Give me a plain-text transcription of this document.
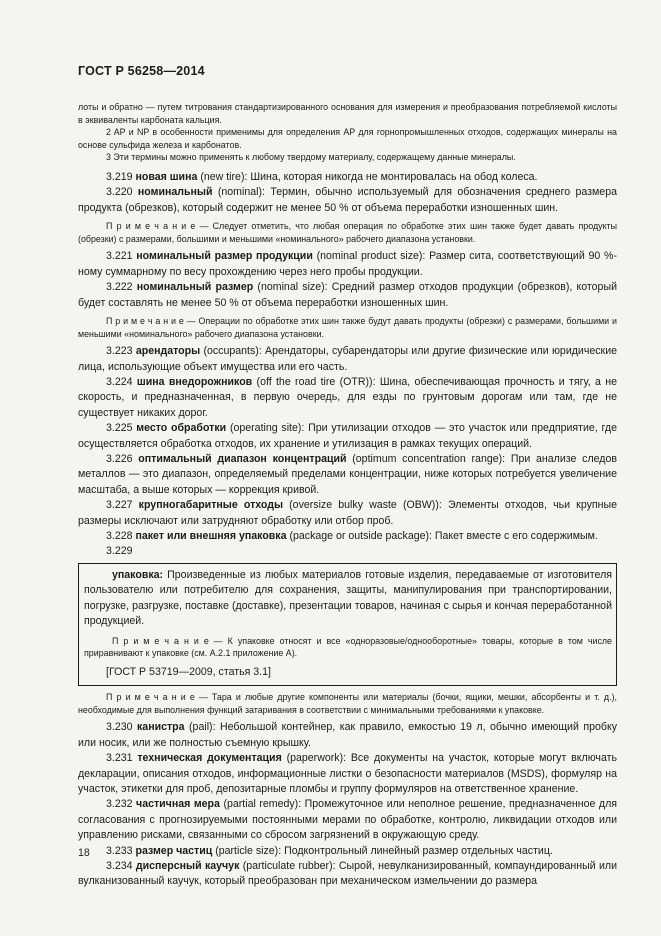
ГОСТ Р 56258—2014

лоты и обратно — путем титрования стандартизированного основания для измерения и преобразования потребляемой кислоты в эквиваленты карбоната кальция.

2 AP и NP в особенности применимы для определения AP для горнопромышленных отходов, содержащих минералы на основе сульфида железа и карбонатов.

3 Эти термины можно применять к любому твердому материалу, содержащему данные минералы.

3.219 новая шина (new tire): Шина, которая никогда не монтировалась на обод колеса.

3.220 номинальный (nominal): Термин, обычно используемый для обозначения среднего размера продукта (обрезков), который содержит не менее 50 % от объема переработки изношенных шин.

П р и м е ч а н и е — Следует отметить, что любая операция по обработке этих шин также будет давать продукты (обрезки) с размерами, большими и меньшими «номинального» рабочего диапазона установки.

3.221 номинальный размер продукции (nominal product size): Размер сита, соответствующий 90 %-ному суммарному по весу прохождению через него пробы продукции.

3.222 номинальный размер (nominal size): Средний размер отходов продукции (обрезков), который будет составлять не менее 50 % от объема переработки изношенных шин.

П р и м е ч а н и е — Операции по обработке этих шин также будут давать продукты (обрезки) с размерами, большими и меньшими «номинального» рабочего диапазона установки.

3.223 арендаторы (occupants): Арендаторы, субарендаторы или другие физические или юридические лица, использующие объект имущества или его часть.

3.224 шина внедорожников (off the road tire (OTR)): Шина, обеспечивающая прочность и тягу, а не скорость, и предназначенная, в первую очередь, для езды по грунтовым дорогам или там, где не существует никаких дорог.

3.225 место обработки (operating site): При утилизации отходов — это участок или предприятие, где осуществляется обработка отходов, их хранение и утилизация в рамках текущих операций.

3.226 оптимальный диапазон концентраций (optimum concentration range): При анализе следов металлов — это диапазон, определяемый пределами концентрации, ниже которых потребуется увеличение масштаба, а выше которых — коррекция кривой.

3.227 крупногабаритные отходы (oversize bulky waste (OBW)): Элементы отходов, чьи крупные размеры исключают или затрудняют обработку или отбор проб.

3.228 пакет или внешняя упаковка (package or outside package): Пакет вместе с его содержимым.

3.229

упаковка: Произведенные из любых материалов готовые изделия, передаваемые от изготовителя пользователю или потребителю для сохранения, защиты, манипулирования при транспортировании, погрузке, разгрузке, поставке (доставке), презентации товаров, начиная с сырья и кончая переработанной продукцией.

П р и м е ч а н и е — К упаковке относят и все «одноразовые/однооборотные» товары, которые в том числе приравнивают к упаковке (см. А.2.1 приложение А).

[ГОСТ Р 53719—2009, статья 3.1]

П р и м е ч а н и е — Тара и любые другие компоненты или материалы (бочки, ящики, мешки, абсорбенты и т. д.), необходимые для выполнения функций затаривания в соответствии с минимальными требованиями к упаковке.

3.230 канистра (pail): Небольшой контейнер, как правило, емкостью 19 л, обычно имеющий пробку или носик, или же полностью съемную крышку.

3.231 техническая документация (paperwork): Все документы на участок, которые могут включать декларации, описания отходов, информационные листки о безопасности материалов (MSDS), формуляр на участок, этикетки для проб, депозитарные пломбы и группу формуляров на ответственное хранение.

3.232 частичная мера (partial remedy): Промежуточное или неполное решение, предназначенное для согласования с прогнозируемыми постоянными мерами по обработке, контролю, ликвидации отходов или управлению рисками, связанными со сбросом загрязнений в окружающую среду.

3.233 размер частиц (particle size): Подконтрольный линейный размер отдельных частиц.

3.234 дисперсный каучук (particulate rubber): Сырой, невулканизированный, компаундированный или вулканизованный каучук, который преобразован при механическом измельчении до размера

18
